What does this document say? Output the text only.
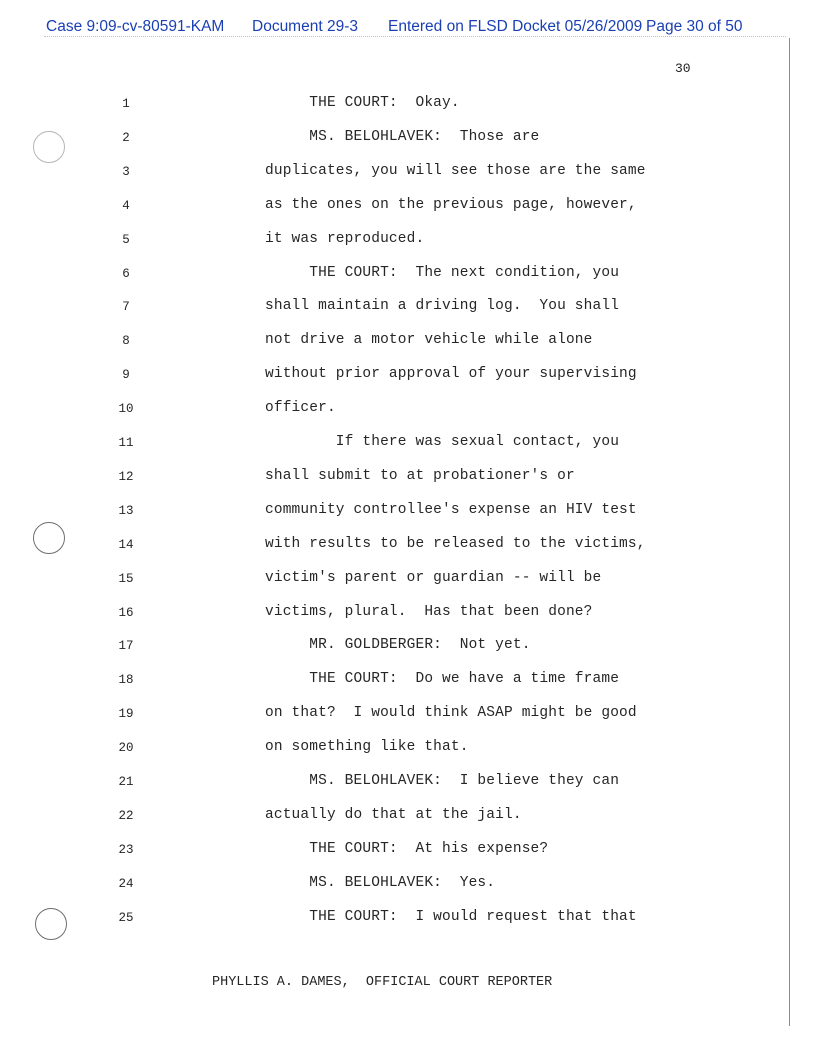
Case 9:09-cv-80591-KAM Document 29-3 Entered on FLSD Docket 05/26/2009 Page 30 of 50
30
1	THE COURT:  Okay.
2	MS. BELOHLAVEK:  Those are
3	duplicates, you will see those are the same
4	as the ones on the previous page, however,
5	it was reproduced.
6	THE COURT:  The next condition, you
7	shall maintain a driving log.  You shall
8	not drive a motor vehicle while alone
9	without prior approval of your supervising
10	officer.
11	If there was sexual contact, you
12	shall submit to at probationer's or
13	community controllee's expense an HIV test
14	with results to be released to the victims,
15	victim's parent or guardian -- will be
16	victims, plural.  Has that been done?
17	MR. GOLDBERGER:  Not yet.
18	THE COURT:  Do we have a time frame
19	on that?  I would think ASAP might be good
20	on something like that.
21	MS. BELOHLAVEK:  I believe they can
22	actually do that at the jail.
23	THE COURT:  At his expense?
24	MS. BELOHLAVEK:  Yes.
25	THE COURT:  I would request that that
PHYLLIS A. DAMES,  OFFICIAL COURT REPORTER
